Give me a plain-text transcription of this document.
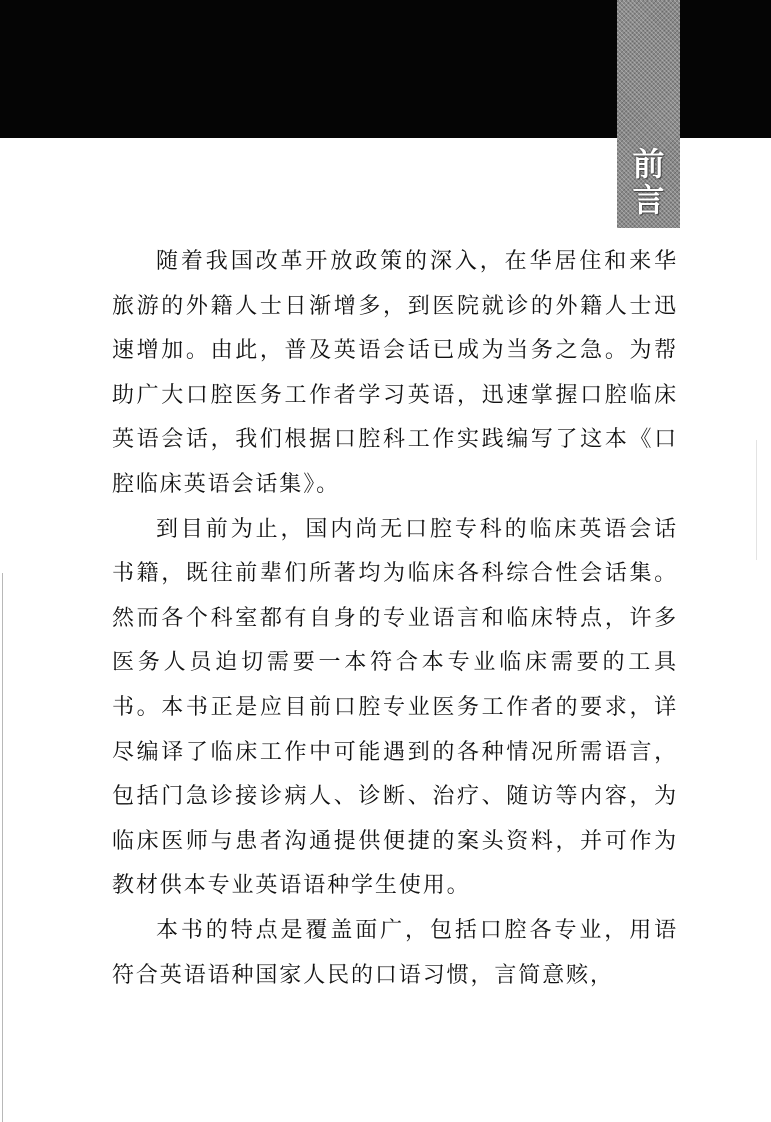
前
言

随着我国改革开放政策的深入，在华居住和来华旅游的外籍人士日渐增多，到医院就诊的外籍人士迅速增加。由此，普及英语会话已成为当务之急。为帮助广大口腔医务工作者学习英语，迅速掌握口腔临床英语会话，我们根据口腔科工作实践编写了这本《口腔临床英语会话集》。

到目前为止，国内尚无口腔专科的临床英语会话书籍，既往前辈们所著均为临床各科综合性会话集。然而各个科室都有自身的专业语言和临床特点，许多医务人员迫切需要一本符合本专业临床需要的工具书。本书正是应目前口腔专业医务工作者的要求，详尽编译了临床工作中可能遇到的各种情况所需语言，包括门急诊接诊病人、诊断、治疗、随访等内容，为临床医师与患者沟通提供便捷的案头资料，并可作为教材供本专业英语语种学生使用。

本书的特点是覆盖面广，包括口腔各专业，用语符合英语语种国家人民的口语习惯，言简意赅，
